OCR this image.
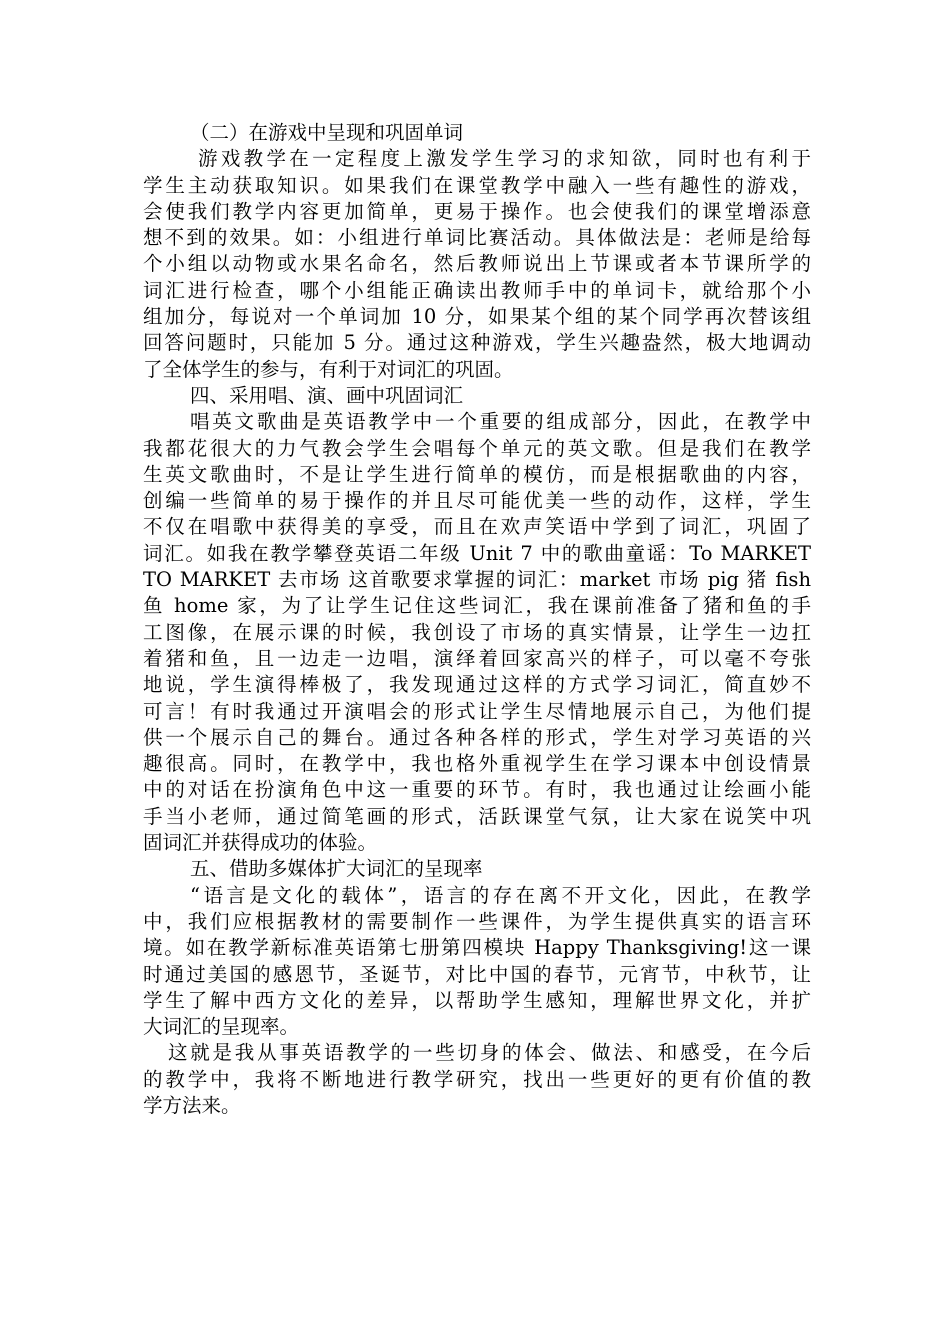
（二）在游戏中呈现和巩固单词
游戏教学在一定程度上激发学生学习的求知欲，同时也有利于
学生主动获取知识。如果我们在课堂教学中融入一些有趣性的游戏，
会使我们教学内容更加简单，更易于操作。也会使我们的课堂增添意
想不到的效果。如：小组进行单词比赛活动。具体做法是：老师是给每
个小组以动物或水果名命名，然后教师说出上节课或者本节课所学的
词汇进行检查，哪个小组能正确读出教师手中的单词卡，就给那个小
组加分，每说对一个单词加 10 分，如果某个组的某个同学再次替该组
回答问题时，只能加 5 分。通过这种游戏，学生兴趣盎然，极大地调动
了全体学生的参与，有利于对词汇的巩固。
四、采用唱、演、画中巩固词汇
唱英文歌曲是英语教学中一个重要的组成部分，因此，在教学中
我都花很大的力气教会学生会唱每个单元的英文歌。但是我们在教学
生英文歌曲时，不是让学生进行简单的模仿，而是根据歌曲的内容，
创编一些简单的易于操作的并且尽可能优美一些的动作，这样，学生
不仅在唱歌中获得美的享受，而且在欢声笑语中学到了词汇，巩固了
词汇。如我在教学攀登英语二年级 Unit 7 中的歌曲童谣：To MARKET
TO MARKET 去市场 这首歌要求掌握的词汇：market 市场 pig 猪 fish
鱼 home 家，为了让学生记住这些词汇，我在课前准备了猪和鱼的手
工图像，在展示课的时候，我创设了市场的真实情景，让学生一边扛
着猪和鱼，且一边走一边唱，演绎着回家高兴的样子，可以毫不夸张
地说，学生演得棒极了，我发现通过这样的方式学习词汇，简直妙不
可言！有时我通过开演唱会的形式让学生尽情地展示自己，为他们提
供一个展示自己的舞台。通过各种各样的形式，学生对学习英语的兴
趣很高。同时，在教学中，我也格外重视学生在学习课本中创设情景
中的对话在扮演角色中这一重要的环节。有时，我也通过让绘画小能
手当小老师，通过简笔画的形式，活跃课堂气氛，让大家在说笑中巩
固词汇并获得成功的体验。
五、借助多媒体扩大词汇的呈现率
“语言是文化的载体”，语言的存在离不开文化，因此，在教学
中，我们应根据教材的需要制作一些课件，为学生提供真实的语言环
境。如在教学新标准英语第七册第四模块 Happy Thanksgiving!这一课
时通过美国的感恩节，圣诞节，对比中国的春节，元宵节，中秋节，让
学生了解中西方文化的差异，以帮助学生感知，理解世界文化，并扩
大词汇的呈现率。
这就是我从事英语教学的一些切身的体会、做法、和感受，在今后
的教学中，我将不断地进行教学研究，找出一些更好的更有价值的教
学方法来。
